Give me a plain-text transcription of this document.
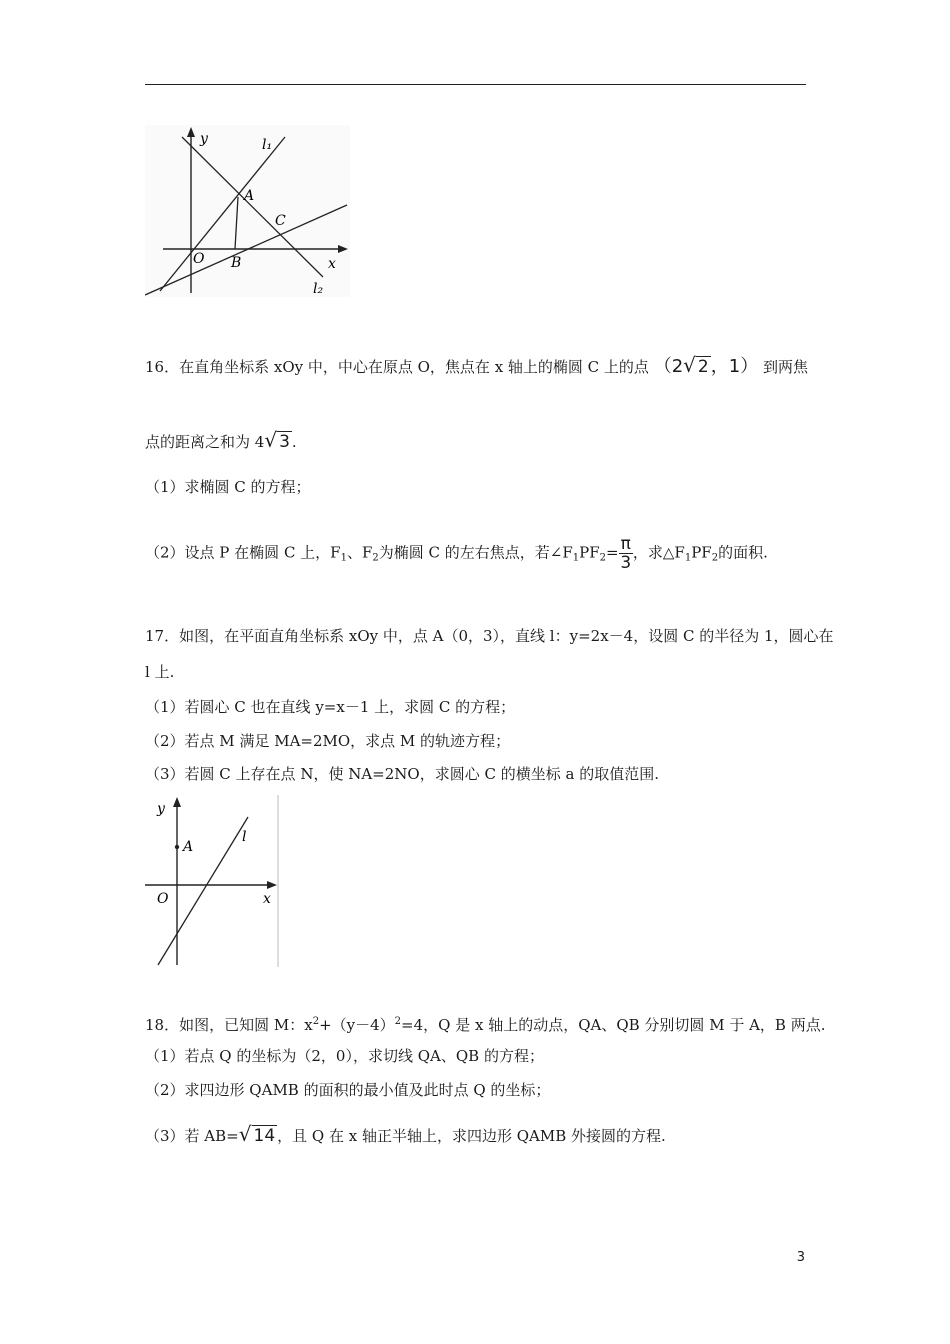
y
x
O
A
B
C
l₁
l₂
16．在直角坐标系 xOy 中，中心在原点 O，焦点在 x 轴上的椭圆 C 上的点 （2√ 2 ，1） 到两焦
点的距离之和为 4√ 3 .
（1）求椭圆 C 的方程；
（2）设点 P 在椭圆 C 上，$F_1$、$F_2$为椭圆 C 的左右焦点，若$\angle F_1PF_2= \frac{\pi}{3}$ ，求$\triangle F_1PF_2$的面积.
17．如图，在平面直角坐标系 xOy 中，点 A（0，3），直线 l：y=2x－4，设圆 C 的半径为 1，圆心在
l 上.
（1）若圆心 C 也在直线 y=x－1 上，求圆 C 的方程；
（2）若点 M 满足 MA=2MO，求点 M 的轨迹方程；
（3）若圆 C 上存在点 N，使 NA=2NO，求圆心 C 的横坐标 a 的取值范围.
y
x
O
A
l
18．如图，已知圆 M：$x^2+(y-4)^2=4$，Q 是 x 轴上的动点，QA、QB 分别切圆 M 于 A，B 两点.
（1）若点 Q 的坐标为（2，0），求切线 QA、QB 的方程；
（2）求四边形 QAMB 的面积的最小值及此时点 Q 的坐标；
（3）若 AB=√ 14 ，且 Q 在 x 轴正半轴上，求四边形 QAMB 外接圆的方程.
3
